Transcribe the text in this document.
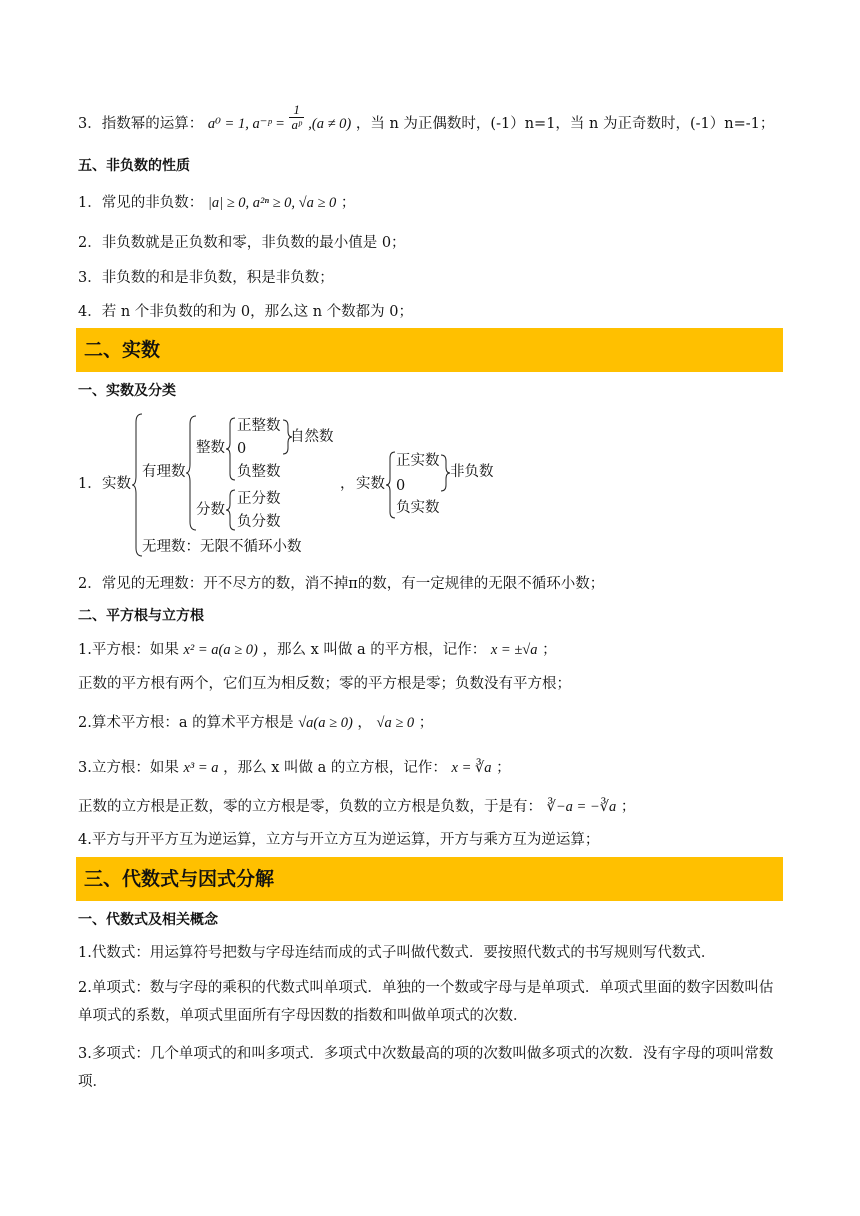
3．指数幂的运算： a⁰ = 1, a⁻ᵖ = $\frac{1}{\text{aᵖ}} ,(a \ne 0)$ ，当 n 为正偶数时，(-1）n=1，当 n 为正奇数时，(-1）n=-1；
五、非负数的性质
1．常见的非负数： |a| ≥ 0, a²ⁿ ≥ 0, √a ≥ 0 ；
2．非负数就是正负数和零，非负数的最小值是 0；
3．非负数的和是非负数，积是非负数；
4．若 n 个非负数的和为 0，那么这 n 个数都为 0；
二、实数
一、实数及分类
1． 实数
有理数
整数
正整数
0
负整数
自然数
分数
正分数
负分数
无理数：无限不循环小数
， 实数
正实数
0
负实数
非负数
2．常见的无理数：开不尽方的数，消不掉π的数，有一定规律的无限不循环小数；
二、平方根与立方根
1.平方根：如果 x² = a(a ≥ 0) ，那么 x 叫做 a 的平方根，记作： x = ±√a ；
正数的平方根有两个，它们互为相反数；零的平方根是零；负数没有平方根；
2.算术平方根：a 的算术平方根是 √a(a ≥ 0) ， √a ≥ 0 ；
3.立方根：如果 x³ = a ，那么 x 叫做 a 的立方根，记作： x = ∛a ；
正数的立方根是正数，零的立方根是零，负数的立方根是负数，于是有： ∛−a = −∛a ；
4.平方与开平方互为逆运算，立方与开立方互为逆运算，开方与乘方互为逆运算；
三、代数式与因式分解
一、代数式及相关概念
1.代数式：用运算符号把数与字母连结而成的式子叫做代数式．要按照代数式的书写规则写代数式．
2.单项式：数与字母的乘积的代数式叫单项式．单独的一个数或字母与是单项式．单项式里面的数字因数叫估单项式的系数，单项式里面所有字母因数的指数和叫做单项式的次数．
3.多项式：几个单项式的和叫多项式．多项式中次数最高的项的次数叫做多项式的次数．没有字母的项叫常数项．
